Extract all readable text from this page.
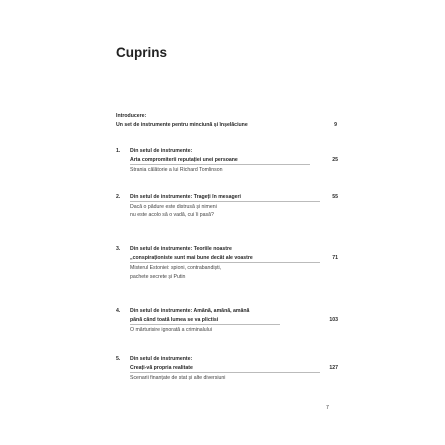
Cuprins
Introducere:
Un set de instrumente pentru minciună și înșelăciune	9
1. Din setul de instrumente:
Arta compromiterii reputației unei persoane	25
Strania călătorie a lui Richard Tomlinson
2. Din setul de instrumente: Trageți în mesageri	55
Dacă o pădure este distrusă și nimeni
nu este acolo să o vadă, cui îi pasă?
3. Din setul de instrumente: Teoriile noastre
„conspiraționiste sunt mai bune decât ale voastre	71
Misterul Estoniei: spioni, contrabandiști,
pachete secrete și Putin
4. Din setul de instrumente: Amână, amână, amână
până când toată lumea se va plictisi	103
O mărturisire ignorată a criminalului
5. Din setul de instrumente:
Creați-vă propria realitate	127
Scenarii finanțate de stat și alte diversiuni
7
